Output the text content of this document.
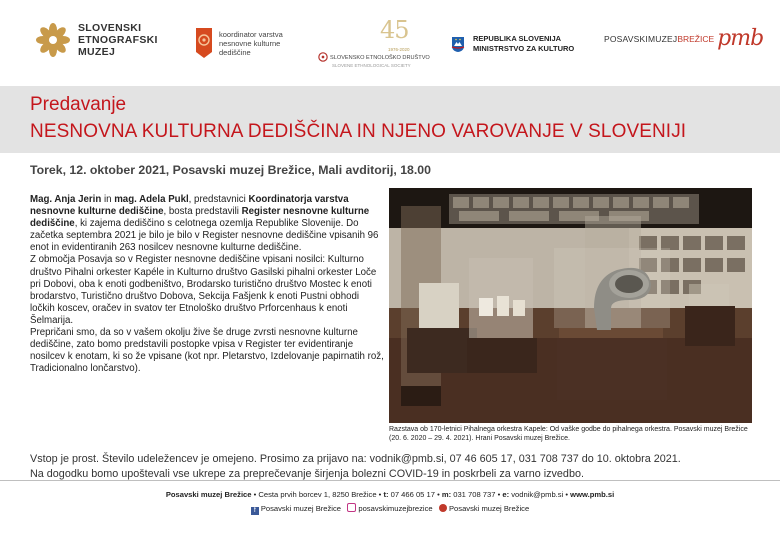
SLOVENSKI
ETNOGRAFSKI
MUZEJ
koordinator varstva
nesnovne kulturne
dediščine
45
1976-2020
SLOVENSKO ETNOLOŠKO DRUŠTVO
SLOVENE ETHNOLOGICAL SOCIETY
REPUBLIKA SLOVENIJA
MINISTRSTVO ZA KULTURO
POSAVSKI MUZEJ BREŽICE pmb
Predavanje
NESNOVNA KULTURNA DEDIŠČINA IN NJENO VAROVANJE V SLOVENIJI
Torek, 12. oktober 2021, Posavski muzej Brežice, Mali avditorij, 18.00

Mag. Anja Jerin in mag. Adela Pukl, predstavnici Koordinatorja varstva nesnovne kulturne dediščine, bosta predstavili Register nesnovne kulturne dediščine, ki zajema dediščino s celotnega ozemlja Republike Slovenije. Do začetka septembra 2021 je bilo je bilo v Register nesnovne dediščine vpisanih 96 enot in evidentiranih 263 nosilcev nesnovne kulturne dediščine.

Z območja Posavja so v Register nesnovne dediščine vpisani nosilci: Kulturno društvo Pihalni orkester Kapéle in Kulturno društvo Gasilski pihalni orkester Loče pri Dobovi, oba k enoti godbeništvo, Brodarsko turistično društvo Mostec k enoti brodarstvo, Turistično društvo Dobova, Sekcija Fašjenk k enoti Pustni obhodi ločkih koscev, oračev in svatov ter Etnološko društvo Prforcenhaus k enoti Šelmarija.

Prepričani smo, da so v vašem okolju žive še druge zvrsti nesnovne kulturne dediščine, zato bomo predstavili postopke vpisa v Register ter evidentiranje nosilcev k enotam, ki so že vpisane (kot npr. Pletarstvo, Izdelovanje papirnatih rož, Tradicionalno lončarstvo).

Razstava ob 170-letnici Pihalnega orkestra Kapele: Od vaške godbe do pihalnega orkestra. Posavski muzej Brežice (20. 6. 2020 – 29. 4. 2021). Hrani Posavski muzej Brežice.
Vstop je prost. Število udeležencev je omejeno. Prosimo za prijavo na: vodnik@pmb.si, 07 46 605 17, 031 708 737 do 10. oktobra 2021.
Na dogodku bomo upoštevali vse ukrepe za preprečevanje širjenja bolezni COVID-19 in poskrbeli za varno izvedbo.
Posavski muzej Brežice • Cesta prvih borcev 1, 8250 Brežice • t: 07 466 05 17 • m: 031 708 737 • e: vodnik@pmb.si • www.pmb.si
f Posavski muzej Brežice posavskimuzejbrezice Posavski muzej Brežice
